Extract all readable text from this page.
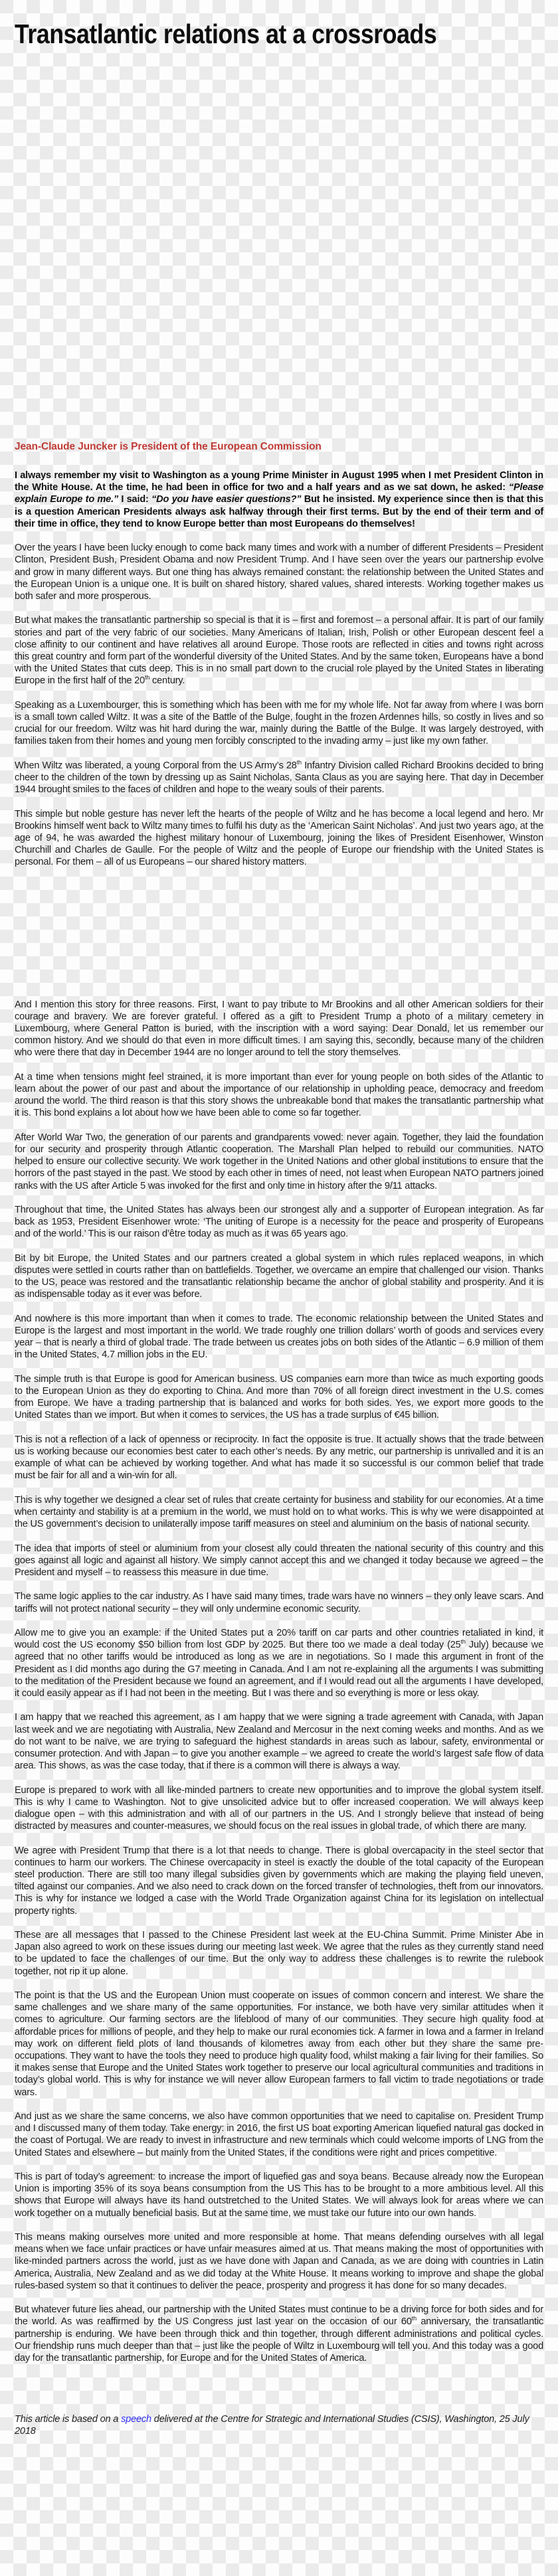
Transatlantic relations at a crossroads
Jean-Claude Juncker is President of the European Commission

I always remember my visit to Washington as a young Prime Minister in August 1995 when I met President Clinton in the White House. At the time, he had been in office for two and a half years and as we sat down, he asked: “Please explain Europe to me.” I said: “Do you have easier questions?” But he insisted. My experience since then is that this is a question American Presidents always ask halfway through their first terms. But by the end of their term and of their time in office, they tend to know Europe better than most Europeans do themselves!

Over the years I have been lucky enough to come back many times and work with a number of different Presidents – President Clinton, President Bush, President Obama and now President Trump. And I have seen over the years our partnership evolve and grow in many different ways. But one thing has always remained constant: the relationship between the United States and the European Union is a unique one. It is built on shared history, shared values, shared interests. Working together makes us both safer and more prosperous.

But what makes the transatlantic partnership so special is that it is – first and foremost – a personal affair. It is part of our family stories and part of the very fabric of our societies. Many Americans of Italian, Irish, Polish or other European descent feel a close affinity to our continent and have relatives all around Europe. Those roots are reflected in cities and towns right across this great country and form part of the wonderful diversity of the United States. And by the same token, Europeans have a bond with the United States that cuts deep. This is in no small part down to the crucial role played by the United States in liberating Europe in the first half of the 20th century.

Speaking as a Luxembourger, this is something which has been with me for my whole life. Not far away from where I was born is a small town called Wiltz. It was a site of the Battle of the Bulge, fought in the frozen Ardennes hills, so costly in lives and so crucial for our freedom. Wiltz was hit hard during the war, mainly during the Battle of the Bulge. It was largely destroyed, with families taken from their homes and young men forcibly conscripted to the invading army – just like my own father.

When Wiltz was liberated, a young Corporal from the US Army’s 28th Infantry Division called Richard Brookins decided to bring cheer to the children of the town by dressing up as Saint Nicholas, Santa Claus as you are saying here. That day in December 1944 brought smiles to the faces of children and hope to the weary souls of their parents.

This simple but noble gesture has never left the hearts of the people of Wiltz and he has become a local legend and hero. Mr Brookins himself went back to Wiltz many times to fulfil his duty as the ‘American Saint Nicholas’. And just two years ago, at the age of 94, he was awarded the highest military honour of Luxembourg, joining the likes of President Eisenhower, Winston Churchill and Charles de Gaulle. For the people of Wiltz and the people of Europe our friendship with the United States is personal. For them – all of us Europeans – our shared history matters.

And I mention this story for three reasons. First, I want to pay tribute to Mr Brookins and all other American soldiers for their courage and bravery. We are forever grateful. I offered as a gift to President Trump a photo of a military cemetery in Luxembourg, where General Patton is buried, with the inscription with a word saying: Dear Donald, let us remember our common history. And we should do that even in more difficult times. I am saying this, secondly, because many of the children who were there that day in December 1944 are no longer around to tell the story themselves.

At a time when tensions might feel strained, it is more important than ever for young people on both sides of the Atlantic to learn about the power of our past and about the importance of our relationship in upholding peace, democracy and freedom around the world. The third reason is that this story shows the unbreakable bond that makes the transatlantic partnership what it is. This bond explains a lot about how we have been able to come so far together.

After World War Two, the generation of our parents and grandparents vowed: never again. Together, they laid the foundation for our security and prosperity through Atlantic cooperation. The Marshall Plan helped to rebuild our communities. NATO helped to ensure our collective security. We work together in the United Nations and other global institutions to ensure that the horrors of the past stayed in the past. We stood by each other in times of need, not least when European NATO partners joined ranks with the US after Article 5 was invoked for the first and only time in history after the 9/11 attacks.

Throughout that time, the United States has always been our strongest ally and a supporter of European integration. As far back as 1953, President Eisenhower wrote: ‘The uniting of Europe is a necessity for the peace and prosperity of Europeans and of the world.’ This is our raison d’être today as much as it was 65 years ago.

Bit by bit Europe, the United States and our partners created a global system in which rules replaced weapons, in which disputes were settled in courts rather than on battlefields. Together, we overcame an empire that challenged our vision. Thanks to the US, peace was restored and the transatlantic relationship became the anchor of global stability and prosperity. And it is as indispensable today as it ever was before.

And nowhere is this more important than when it comes to trade. The economic relationship between the United States and Europe is the largest and most important in the world. We trade roughly one trillion dollars’ worth of goods and services every year – that is nearly a third of global trade. The trade between us creates jobs on both sides of the Atlantic – 6.9 million of them in the United States, 4.7 million jobs in the EU.

The simple truth is that Europe is good for American business. US companies earn more than twice as much exporting goods to the European Union as they do exporting to China. And more than 70% of all foreign direct investment in the U.S. comes from Europe. We have a trading partnership that is balanced and works for both sides. Yes, we export more goods to the United States than we import. But when it comes to services, the US has a trade surplus of €45 billion.

This is not a reflection of a lack of openness or reciprocity. In fact the opposite is true. It actually shows that the trade between us is working because our economies best cater to each other’s needs. By any metric, our partnership is unrivalled and it is an example of what can be achieved by working together. And what has made it so successful is our common belief that trade must be fair for all and a win-win for all.

This is why together we designed a clear set of rules that create certainty for business and stability for our economies. At a time when certainty and stability is at a premium in the world, we must hold on to what works. This is why we were disappointed at the US government’s decision to unilaterally impose tariff measures on steel and aluminium on the basis of national security.

The idea that imports of steel or aluminium from your closest ally could threaten the national security of this country and this goes against all logic and against all history. We simply cannot accept this and we changed it today because we agreed – the President and myself – to reassess this measure in due time.

The same logic applies to the car industry. As I have said many times, trade wars have no winners – they only leave scars. And tariffs will not protect national security – they will only undermine economic security.

Allow me to give you an example: if the United States put a 20% tariff on car parts and other countries retaliated in kind, it would cost the US economy $50 billion from lost GDP by 2025. But there too we made a deal today (25th July) because we agreed that no other tariffs would be introduced as long as we are in negotiations. So I made this argument in front of the President as I did months ago during the G7 meeting in Canada. And I am not re-explaining all the arguments I was submitting to the meditation of the President because we found an agreement, and if I would read out all the arguments I have developed, it could easily appear as if I had not been in the meeting. But I was there and so everything is more or less okay.

I am happy that we reached this agreement, as I am happy that we were signing a trade agreement with Canada, with Japan last week and we are negotiating with Australia, New Zealand and Mercosur in the next coming weeks and months. And as we do not want to be naïve, we are trying to safeguard the highest standards in areas such as labour, safety, environmental or consumer protection. And with Japan – to give you another example – we agreed to create the world’s largest safe flow of data area. This shows, as was the case today, that if there is a common will there is always a way.

Europe is prepared to work with all like-minded partners to create new opportunities and to improve the global system itself. This is why I came to Washington. Not to give unsolicited advice but to offer increased cooperation. We will always keep dialogue open – with this administration and with all of our partners in the US. And I strongly believe that instead of being distracted by measures and counter-measures, we should focus on the real issues in global trade, of which there are many.

We agree with President Trump that there is a lot that needs to change. There is global overcapacity in the steel sector that continues to harm our workers. The Chinese overcapacity in steel is exactly the double of the total capacity of the European steel production. There are still too many illegal subsidies given by governments which are making the playing field uneven, tilted against our companies. And we also need to crack down on the forced transfer of technologies, theft from our innovators. This is why for instance we lodged a case with the World Trade Organization against China for its legislation on intellectual property rights.

These are all messages that I passed to the Chinese President last week at the EU-China Summit. Prime Minister Abe in Japan also agreed to work on these issues during our meeting last week. We agree that the rules as they currently stand need to be updated to face the challenges of our time. But the only way to address these challenges is to rewrite the rulebook together, not rip it up alone.

The point is that the US and the European Union must cooperate on issues of common concern and interest. We share the same challenges and we share many of the same opportunities. For instance, we both have very similar attitudes when it comes to agriculture. Our farming sectors are the lifeblood of many of our communities. They secure high quality food at affordable prices for millions of people, and they help to make our rural economies tick. A farmer in Iowa and a farmer in Ireland may work on different field plots of land thousands of kilometres away from each other but they share the same pre-occupations. They want to have the tools they need to produce high quality food, whilst making a fair living for their families. So it makes sense that Europe and the United States work together to preserve our local agricultural communities and traditions in today’s global world. This is why for instance we will never allow European farmers to fall victim to trade negotiations or trade wars.

And just as we share the same concerns, we also have common opportunities that we need to capitalise on. President Trump and I discussed many of them today. Take energy: in 2016, the first US boat exporting American liquefied natural gas docked in the coast of Portugal. We are ready to invest in infrastructure and new terminals which could welcome imports of LNG from the United States and elsewhere – but mainly from the United States, if the conditions were right and prices competitive.

This is part of today’s agreement: to increase the import of liquefied gas and soya beans. Because already now the European Union is importing 35% of its soya beans consumption from the US This has to be brought to a more ambitious level. All this shows that Europe will always have its hand outstretched to the United States. We will always look for areas where we can work together on a mutually beneficial basis. But at the same time, we must take our future into our own hands.

This means making ourselves more united and more responsible at home. That means defending ourselves with all legal means when we face unfair practices or have unfair measures aimed at us. That means making the most of opportunities with like-minded partners across the world, just as we have done with Japan and Canada, as we are doing with countries in Latin America, Australia, New Zealand and as we did today at the White House. It means working to improve and shape the global rules-based system so that it continues to deliver the peace, prosperity and progress it has done for so many decades.

But whatever future lies ahead, our partnership with the United States must continue to be a driving force for both sides and for the world. As was reaffirmed by the US Congress just last year on the occasion of our 60th anniversary, the transatlantic partnership is enduring. We have been through thick and thin together, through different administrations and political cycles. Our friendship runs much deeper than that – just like the people of Wiltz in Luxembourg will tell you. And this today was a good day for the transatlantic partnership, for Europe and for the United States of America.

This article is based on a speech delivered at the Centre for Strategic and International Studies (CSIS), Washington, 25 July 2018
